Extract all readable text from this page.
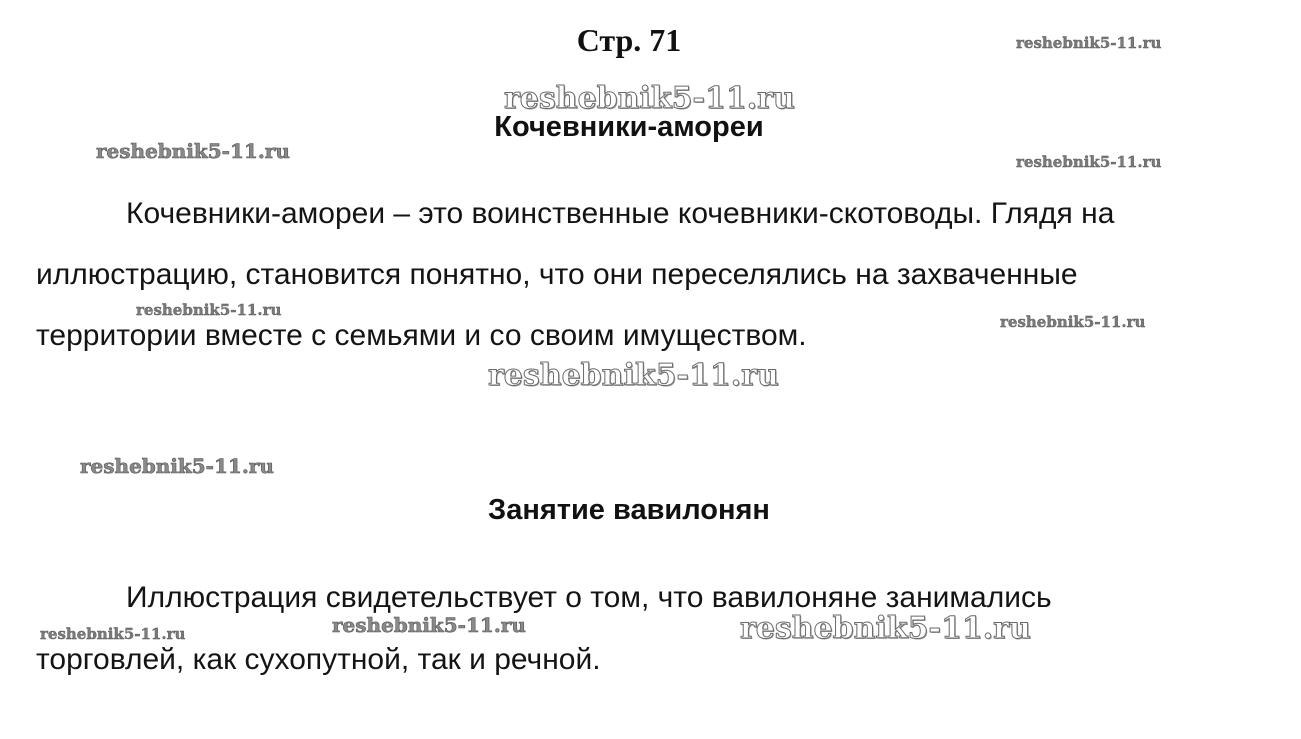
Стр. 71
Кочевники-амореи
Кочевники-амореи – это воинственные кочевники-скотоводы. Глядя на
иллюстрацию, становится понятно, что они переселялись на захваченные
территории вместе с семьями и со своим имуществом.
Занятие вавилонян
Иллюстрация свидетельствует о том, что вавилоняне занимались
торговлей, как сухопутной, так и речной.
reshebnik5-11.ru
reshebnik5-11.ru
reshebnik5-11.ru	reshebnik5-11.ru
reshebnik5-11.ru
reshebnik5-11.ru
reshebnik5-11.ru
reshebnik5-11.ru
reshebnik5-11.ru
reshebnik5-11.ru	reshebnik5-11.ru
